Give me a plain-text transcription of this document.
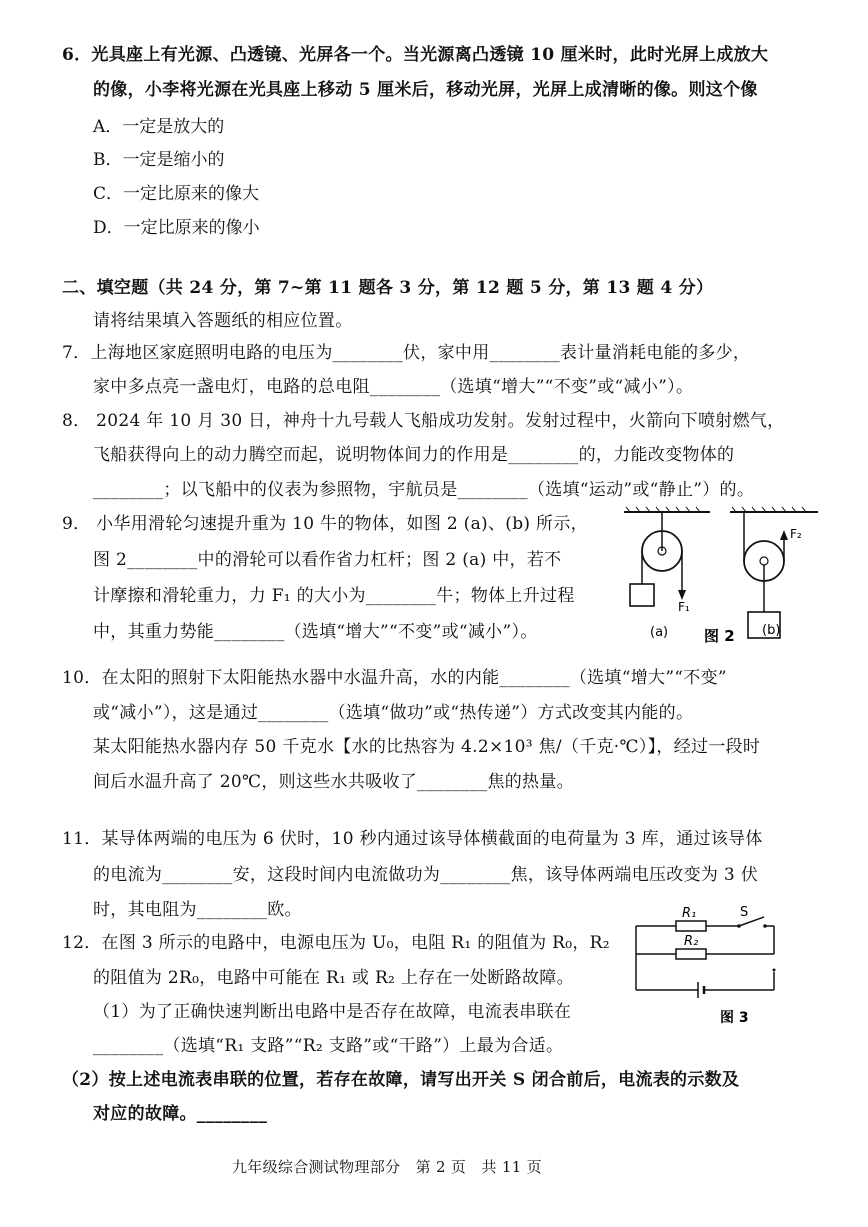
6．光具座上有光源、凸透镜、光屏各一个。当光源离凸透镜 10 厘米时，此时光屏上成放大
的像，小李将光源在光具座上移动 5 厘米后，移动光屏，光屏上成清晰的像。则这个像
A．一定是放大的
B．一定是缩小的
C．一定比原来的像大
D．一定比原来的像小
二、填空题（共 24 分，第 7~第 11 题各 3 分，第 12 题 5 分，第 13 题 4 分）
请将结果填入答题纸的相应位置。
7．上海地区家庭照明电路的电压为________伏，家中用________表计量消耗电能的多少，
家中多点亮一盏电灯，电路的总电阻________（选填“增大”“不变”或“减小”）。
8． 2024 年 10 月 30 日，神舟十九号载人飞船成功发射。发射过程中，火箭向下喷射燃气，
飞船获得向上的动力腾空而起，说明物体间力的作用是________的，力能改变物体的
________；以飞船中的仪表为参照物，宇航员是________（选填“运动”或“静止”）的。
9． 小华用滑轮匀速提升重为 10 牛的物体，如图 2 (a)、(b) 所示，
图 2________中的滑轮可以看作省力杠杆；图 2 (a) 中，若不
计摩擦和滑轮重力，力 F₁ 的大小为________牛；物体上升过程
中，其重力势能________（选填“增大”“不变”或“减小”）。
F₁
(a) 图 2
F₂
(b)
10．在太阳的照射下太阳能热水器中水温升高，水的内能________（选填“增大”“不变”
或“减小”），这是通过________（选填“做功”或“热传递”）方式改变其内能的。
某太阳能热水器内存 50 千克水【水的比热容为 4.2×10³ 焦/（千克·℃）】，经过一段时
间后水温升高了 20℃，则这些水共吸收了________焦的热量。
11．某导体两端的电压为 6 伏时，10 秒内通过该导体横截面的电荷量为 3 库，通过该导体
的电流为________安，这段时间内电流做功为________焦，该导体两端电压改变为 3 伏
时，其电阻为________欧。
12．在图 3 所示的电路中，电源电压为 U₀，电阻 R₁ 的阻值为 R₀，R₂
的阻值为 2R₀，电路中可能在 R₁ 或 R₂ 上存在一处断路故障。
（1）为了正确快速判断出电路中是否存在故障，电流表串联在
________（选填“R₁ 支路”“R₂ 支路”或“干路”）上最为合适。
（2）按上述电流表串联的位置，若存在故障，请写出开关 S 闭合前后，电流表的示数及
对应的故障。________
R₁	S
R₂
图 3
九年级综合测试物理部分　第 2 页　共 11 页
